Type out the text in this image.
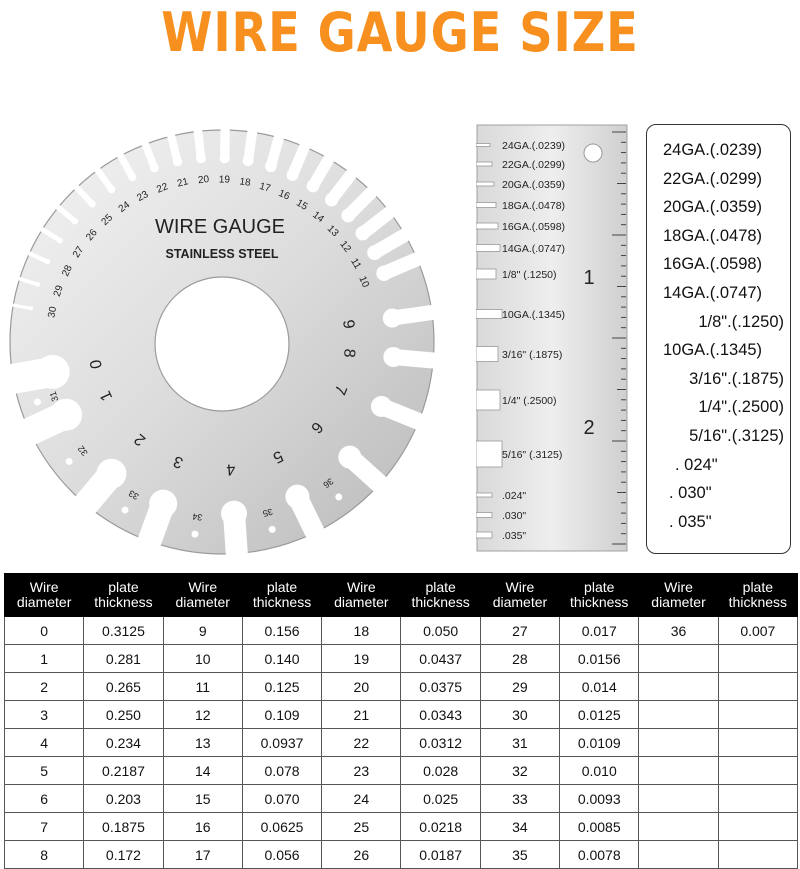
WIRE GAUGE SIZE
30
29
28
27
26
25
24
23
22 21 20 19 18 17
16
15
14
13
12
11
10
0
1
2
3	4
5
6
7
8
9
31
32
33
34	35
36
WIRE GAUGE
STAINLESS STEEL
24GA.(.0239)
22GA.(.0299)
20GA.(.0359)
18GA.(.0478)
16GA.(.0598)
14GA.(.0747)
1/8" (.1250)
10GA.(.1345)
3/16" (.1875)
1/4" (.2500)
5/16" (.3125)
.024"
.030"
.035"
1
2
24GA.(.0239)
22GA.(.0299)
20GA.(.0359)
18GA.(.0478)
16GA.(.0598)
14GA.(.0747)
1/8".(.1250)
10GA.(.1345)
3/16".(.1875)
1/4".(.2500)
5/16".(.3125)
. 024"
. 030"
. 035"
Wire diameter	plate thickness	Wire diameter	plate thickness	Wire diameter	plate thickness	Wire diameter	plate thickness	Wire diameter	plate thickness
0	0.3125	9	0.156	18	0.050	27	0.017	36	0.007
1	0.281	10	0.140	19	0.0437	28	0.0156		
2	0.265	11	0.125	20	0.0375	29	0.014		
3	0.250	12	0.109	21	0.0343	30	0.0125		
4	0.234	13	0.0937	22	0.0312	31	0.0109		
5	0.2187	14	0.078	23	0.028	32	0.010		
6	0.203	15	0.070	24	0.025	33	0.0093		
7	0.1875	16	0.0625	25	0.0218	34	0.0085		
8	0.172	17	0.056	26	0.0187	35	0.0078		
